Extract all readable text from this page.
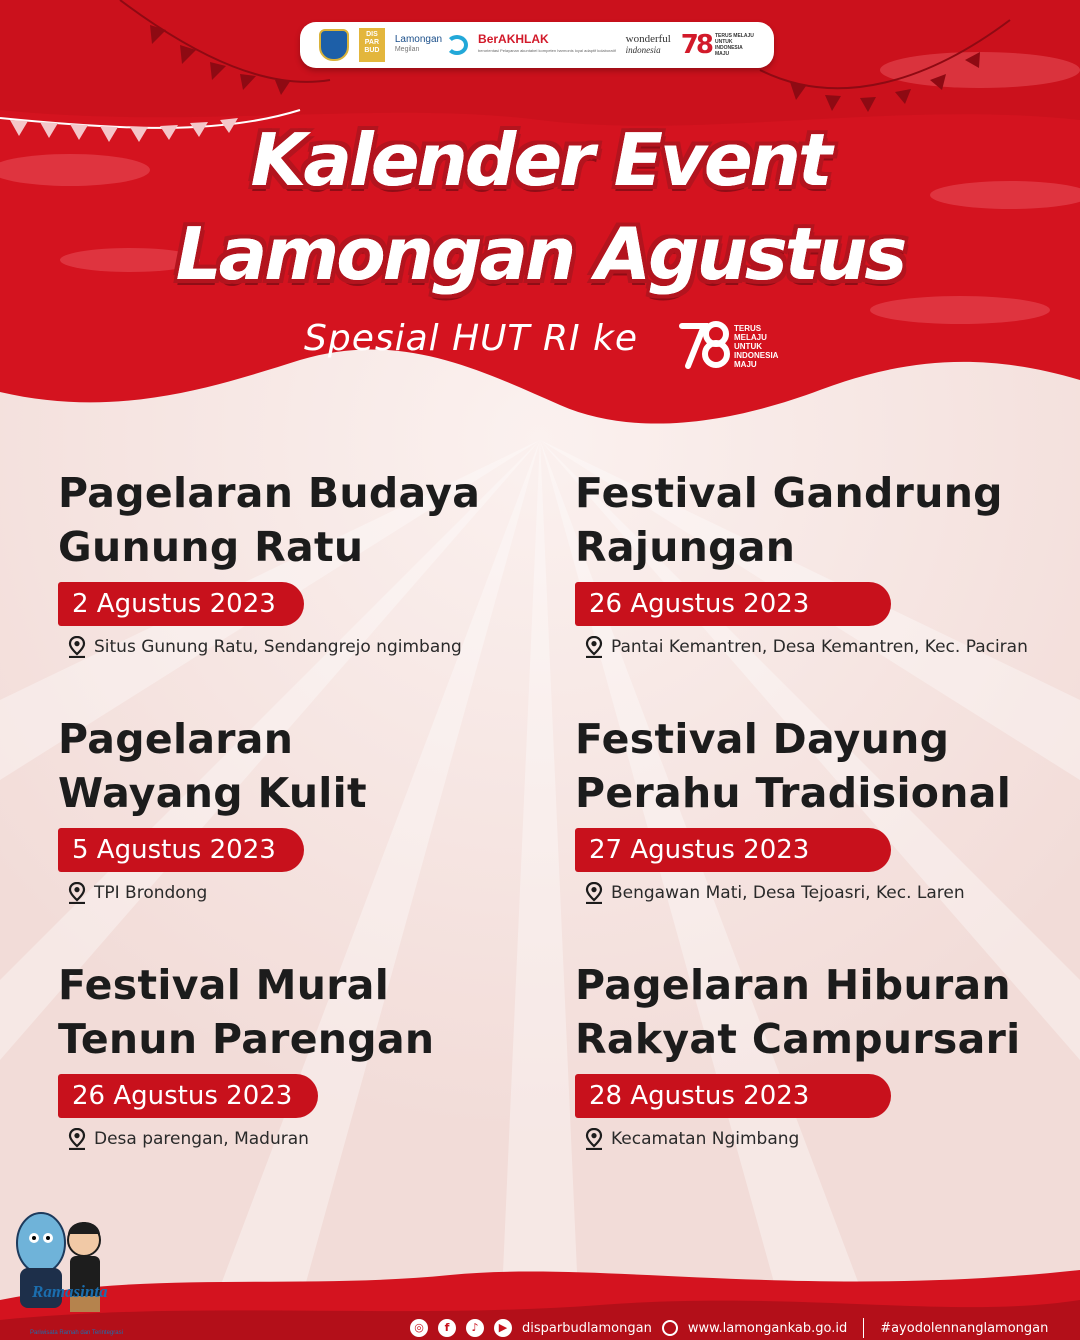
DIS PAR BUD
Lamongan
Megilan
BerAKHLAK
berorientasi Pelayanan akuntabel kompeten harmonis loyal adaptif kolaboratif
wonderful
indonesia 78 TERUS MELAJU UNTUK INDONESIA MAJU
Kalender Event
Lamongan Agustus
Spesial HUT RI ke	TERUS MELAJU UNTUK INDONESIA MAJU
Pagelaran Budaya
Gunung Ratu
2 Agustus 2023
Situs Gunung Ratu, Sendangrejo ngimbang
Festival Gandrung
Rajungan
26 Agustus 2023
Pantai Kemantren, Desa Kemantren, Kec. Paciran
Pagelaran
Wayang Kulit
5 Agustus 2023
TPI Brondong
Festival Dayung
Perahu Tradisional
27 Agustus 2023
Bengawan Mati, Desa Tejoasri, Kec. Laren
Festival Mural
Tenun Parengan
26 Agustus 2023
Desa parengan, Maduran
Pagelaran Hiburan
Rakyat Campursari
28 Agustus 2023
Kecamatan Ngimbang
Ramasinta
Pariwisata Ramah dan Terintegrasi	◎	f	♪	▶	disparbudlamongan	www.lamongankab.go.id	#ayodolennanglamongan
